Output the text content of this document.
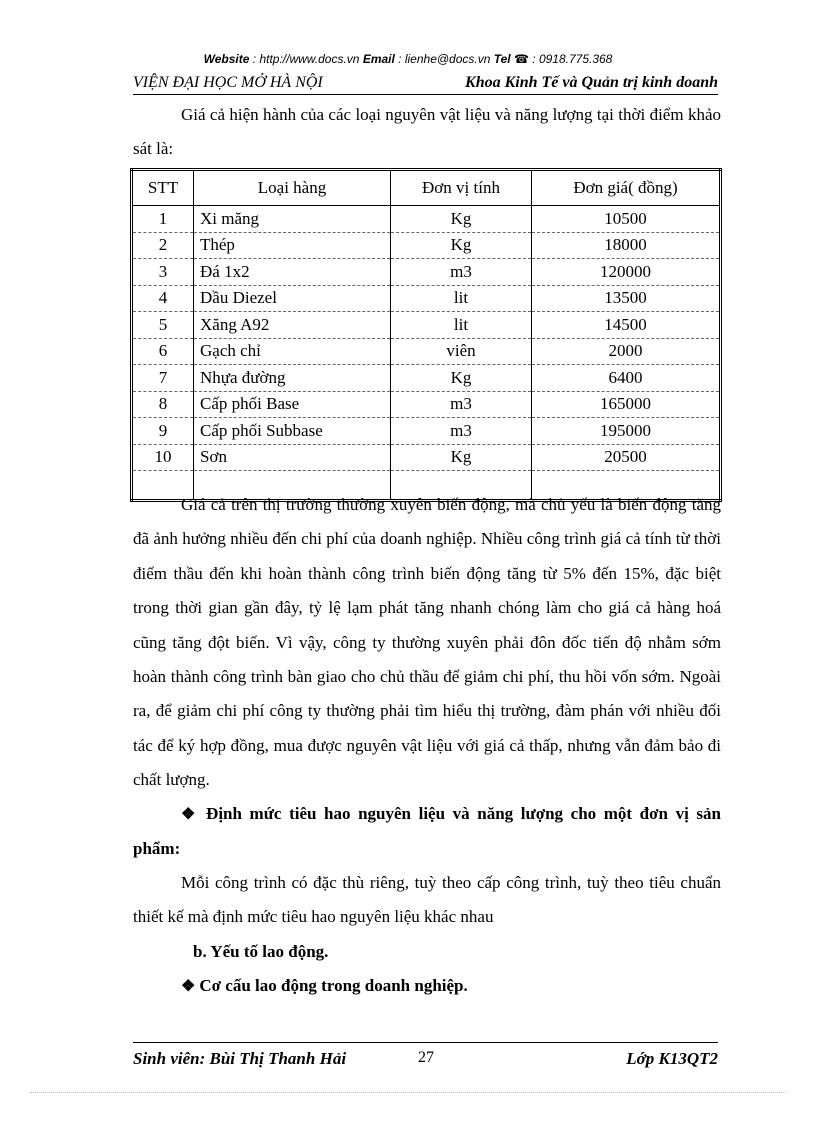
Website : http://www.docs.vn Email : lienhe@docs.vn Tel ☎ : 0918.775.368
VIỆN ĐẠI HỌC MỞ HÀ NỘI	Khoa Kinh Tế và Quản trị kinh doanh
Giá cả hiện hành của các loại nguyên vật liệu và năng lượng tại thời điểm khảo sát là:
STT	Loại hàng	Đơn vị tính	Đơn giá( đồng)
1	Xi măng	Kg	10500
2	Thép	Kg	18000
3	Đá 1x2	m3	120000
4	Dầu Diezel	lit	13500
5	Xăng A92	lit	14500
6	Gạch chỉ	viên	2000
7	Nhựa đường	Kg	6400
8	Cấp phối Base	m3	165000
9	Cấp phối Subbase	m3	195000
10	Sơn	Kg	20500

Giá cả trên thị trường thường xuyên biến động, mà chủ yếu là biến động tăng đã ảnh hưởng nhiều đến chi phí của doanh nghiệp. Nhiều công trình giá cả tính từ thời điểm thầu đến khi hoàn thành công trình biến động tăng từ 5% đến 15%, đặc biệt trong thời gian gần đây, tỷ lệ lạm phát tăng nhanh chóng làm cho giá cả hàng hoá cũng tăng đột biến. Vì vậy, công ty thường xuyên phải đôn đốc tiến độ nhằm sớm hoàn thành công trình bàn giao cho chủ thầu để giảm chi phí, thu hồi vốn sớm. Ngoài ra, để giảm chi phí công ty thường phải tìm hiểu thị trường, đàm phán với nhiều đối tác để ký hợp đồng, mua được nguyên vật liệu với giá cả thấp, nhưng vẫn đảm bảo đi chất lượng.
❖ Định mức tiêu hao nguyên liệu và năng lượng cho một đơn vị sản phẩm:
Mỗi công trình có đặc thù riêng, tuỳ theo cấp công trình, tuỳ theo tiêu chuẩn thiết kế mà định mức tiêu hao nguyên liệu khác nhau
b. Yếu tố lao động.
❖ Cơ cấu lao động trong doanh nghiệp.
Sinh viên: Bùi Thị Thanh Hải	27	Lớp K13QT2
